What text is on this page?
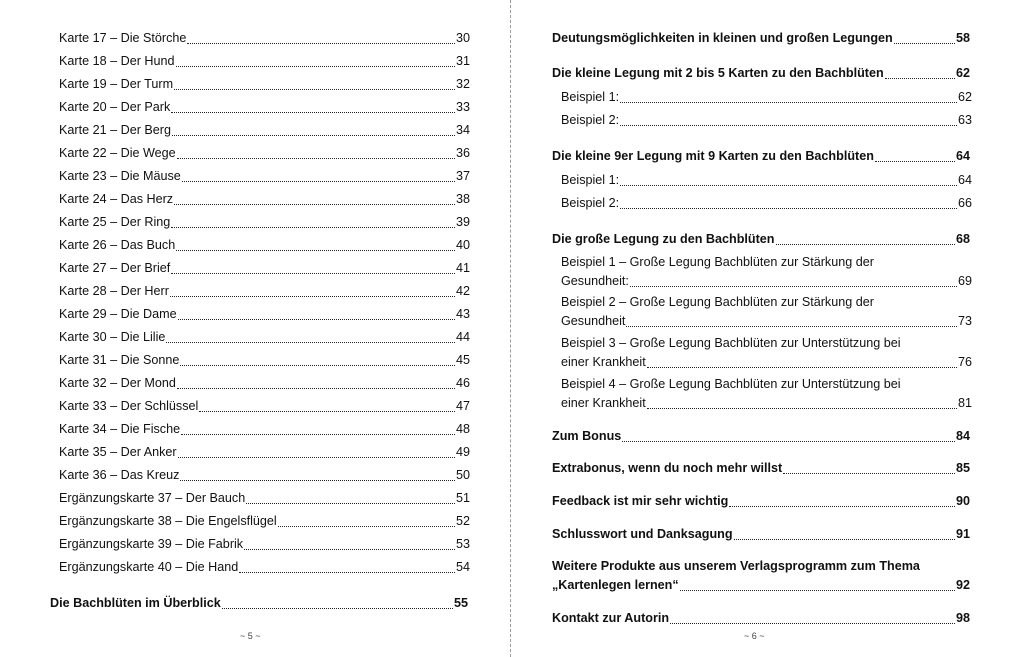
Karte 17 – Die Störche	30
Karte 18 – Der Hund	31
Karte 19 – Der Turm	32
Karte 20 – Der Park	33
Karte 21 – Der Berg	34
Karte 22 – Die Wege	36
Karte 23 – Die Mäuse	37
Karte 24 – Das Herz	38
Karte 25 – Der Ring	39
Karte 26 – Das Buch	40
Karte 27 – Der Brief	41
Karte 28 – Der Herr	42
Karte 29 – Die Dame	43
Karte 30 – Die Lilie	44
Karte 31 – Die Sonne	45
Karte 32 – Der Mond	46
Karte 33 – Der Schlüssel	47
Karte 34 – Die Fische	48
Karte 35 – Der Anker	49
Karte 36 – Das Kreuz	50
Ergänzungskarte 37 – Der Bauch	51
Ergänzungskarte 38 – Die Engelsflügel	52
Ergänzungskarte 39 – Die Fabrik	53
Ergänzungskarte 40 – Die Hand	54
Die Bachblüten im Überblick	55
~ 5 ~
Deutungsmöglichkeiten in kleinen und großen Legungen	58
Die kleine Legung mit 2 bis 5 Karten zu den Bachblüten	62
Beispiel 1:	62
Beispiel 2:	63
Die kleine 9er Legung mit 9 Karten zu den Bachblüten	64
Beispiel 1:	64
Beispiel 2:	66
Die große Legung zu den Bachblüten	68
Beispiel 1 – Große Legung Bachblüten zur Stärkung der
Gesundheit:	69
Beispiel 2 – Große Legung Bachblüten zur Stärkung der
Gesundheit	73
Beispiel 3 – Große Legung Bachblüten zur Unterstützung bei
einer Krankheit	76
Beispiel 4 – Große Legung Bachblüten zur Unterstützung bei
einer Krankheit	81
Zum Bonus	84
Extrabonus, wenn du noch mehr willst	85
Feedback ist mir sehr wichtig	90
Schlusswort und Danksagung	91
Weitere Produkte aus unserem Verlagsprogramm zum Thema
„Kartenlegen lernen“	92
Kontakt zur Autorin	98
~ 6 ~
